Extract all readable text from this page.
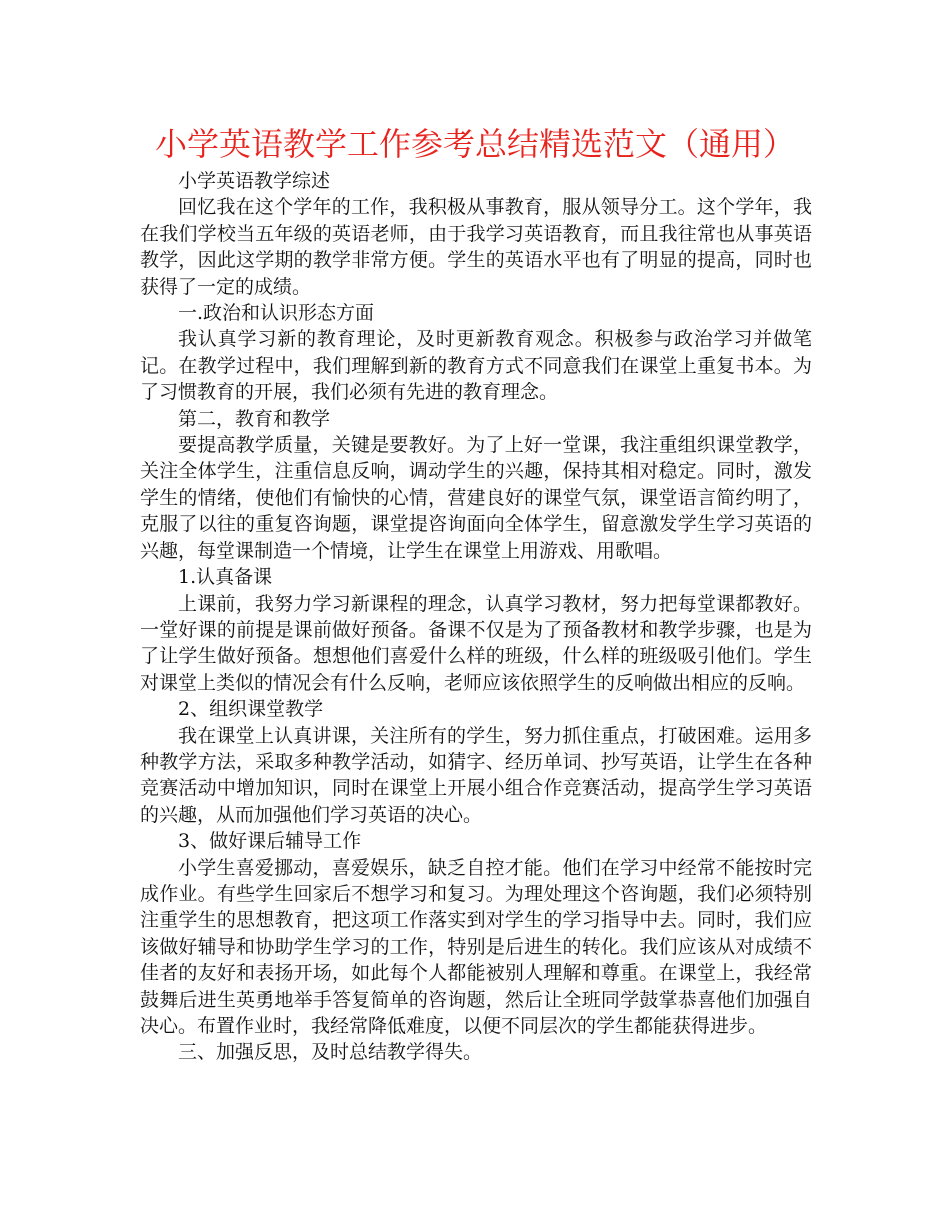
小学英语教学工作参考总结精选范文（通用）

小学英语教学综述

回忆我在这个学年的工作，我积极从事教育，服从领导分工。这个学年，我在我们学校当五年级的英语老师，由于我学习英语教育，而且我往常也从事英语教学，因此这学期的教学非常方便。学生的英语水平也有了明显的提高，同时也获得了一定的成绩。

一.政治和认识形态方面

我认真学习新的教育理论，及时更新教育观念。积极参与政治学习并做笔记。在教学过程中，我们理解到新的教育方式不同意我们在课堂上重复书本。为了习惯教育的开展，我们必须有先进的教育理念。

第二，教育和教学

要提高教学质量，关键是要教好。为了上好一堂课，我注重组织课堂教学，关注全体学生，注重信息反响，调动学生的兴趣，保持其相对稳定。同时，激发学生的情绪，使他们有愉快的心情，营建良好的课堂气氛，课堂语言简约明了，克服了以往的重复咨询题，课堂提咨询面向全体学生，留意激发学生学习英语的兴趣，每堂课制造一个情境，让学生在课堂上用游戏、用歌唱。

1.认真备课

上课前，我努力学习新课程的理念，认真学习教材，努力把每堂课都教好。一堂好课的前提是课前做好预备。备课不仅是为了预备教材和教学步骤，也是为了让学生做好预备。想想他们喜爱什么样的班级，什么样的班级吸引他们。学生对课堂上类似的情况会有什么反响，老师应该依照学生的反响做出相应的反响。

2、组织课堂教学

我在课堂上认真讲课，关注所有的学生，努力抓住重点，打破困难。运用多种教学方法，采取多种教学活动，如猜字、经历单词、抄写英语，让学生在各种竞赛活动中增加知识，同时在课堂上开展小组合作竞赛活动，提高学生学习英语的兴趣，从而加强他们学习英语的决心。

3、做好课后辅导工作

小学生喜爱挪动，喜爱娱乐，缺乏自控才能。他们在学习中经常不能按时完成作业。有些学生回家后不想学习和复习。为理处理这个咨询题，我们必须特别注重学生的思想教育，把这项工作落实到对学生的学习指导中去。同时，我们应该做好辅导和协助学生学习的工作，特别是后进生的转化。我们应该从对成绩不佳者的友好和表扬开场，如此每个人都能被别人理解和尊重。在课堂上，我经常鼓舞后进生英勇地举手答复简单的咨询题，然后让全班同学鼓掌恭喜他们加强自决心。布置作业时，我经常降低难度，以便不同层次的学生都能获得进步。

三、加强反思，及时总结教学得失。
